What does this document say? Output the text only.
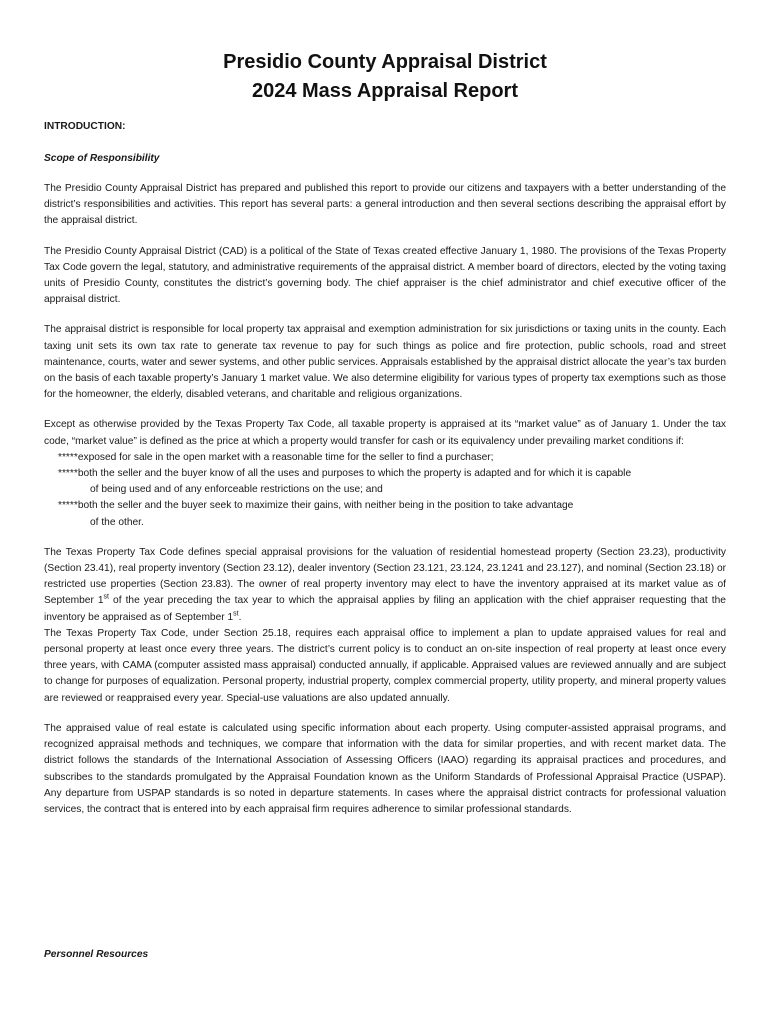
Presidio County Appraisal District
2024 Mass Appraisal Report
INTRODUCTION:
Scope of Responsibility

The Presidio County Appraisal District has prepared and published this report to provide our citizens and taxpayers with a better understanding of the district’s responsibilities and activities. This report has several parts: a general introduction and then several sections describing the appraisal effort by the appraisal district.

The Presidio County Appraisal District (CAD) is a political of the State of Texas created effective January 1, 1980. The provisions of the Texas Property Tax Code govern the legal, statutory, and administrative requirements of the appraisal district. A member board of directors, elected by the voting taxing units of Presidio County, constitutes the district’s governing body. The chief appraiser is the chief administrator and chief executive officer of the appraisal district.

The appraisal district is responsible for local property tax appraisal and exemption administration for six jurisdictions or taxing units in the county. Each taxing unit sets its own tax rate to generate tax revenue to pay for such things as police and fire protection, public schools, road and street maintenance, courts, water and sewer systems, and other public services. Appraisals established by the appraisal district allocate the year’s tax burden on the basis of each taxable property’s January 1 market value. We also determine eligibility for various types of property tax exemptions such as those for the homeowner, the elderly, disabled veterans, and charitable and religious organizations.

Except as otherwise provided by the Texas Property Tax Code, all taxable property is appraised at its “market value” as of January 1. Under the tax code, “market value” is defined as the price at which a property would transfer for cash or its equivalency under prevailing market conditions if:

*****exposed for sale in the open market with a reasonable time for the seller to find a purchaser;
*****both the seller and the buyer know of all the uses and purposes to which the property is adapted and for which it is capable
of being used and of any enforceable restrictions on the use; and
*****both the seller and the buyer seek to maximize their gains, with neither being in the position to take advantage
of the other.

The Texas Property Tax Code defines special appraisal provisions for the valuation of residential homestead property (Section 23.23), productivity (Section 23.41), real property inventory (Section 23.12), dealer inventory (Section 23.121, 23.124, 23.1241 and 23.127), and nominal (Section 23.18) or restricted use properties (Section 23.83). The owner of real property inventory may elect to have the inventory appraised at its market value as of September 1st of the year preceding the tax year to which the appraisal applies by filing an application with the chief appraiser requesting that the inventory be appraised as of September 1st.

The Texas Property Tax Code, under Section 25.18, requires each appraisal office to implement a plan to update appraised values for real and personal property at least once every three years. The district’s current policy is to conduct an on-site inspection of real property at least once every three years, with CAMA (computer assisted mass appraisal) conducted annually, if applicable. Appraised values are reviewed annually and are subject to change for purposes of equalization. Personal property, industrial property, complex commercial property, utility property, and mineral property values are reviewed or reappraised every year. Special-use valuations are also updated annually.

The appraised value of real estate is calculated using specific information about each property. Using computer-assisted appraisal programs, and recognized appraisal methods and techniques, we compare that information with the data for similar properties, and with recent market data. The district follows the standards of the International Association of Assessing Officers (IAAO) regarding its appraisal practices and procedures, and subscribes to the standards promulgated by the Appraisal Foundation known as the Uniform Standards of Professional Appraisal Practice (USPAP). Any departure from USPAP standards is so noted in departure statements. In cases where the appraisal district contracts for professional valuation services, the contract that is entered into by each appraisal firm requires adherence to similar professional standards.

Personnel Resources
